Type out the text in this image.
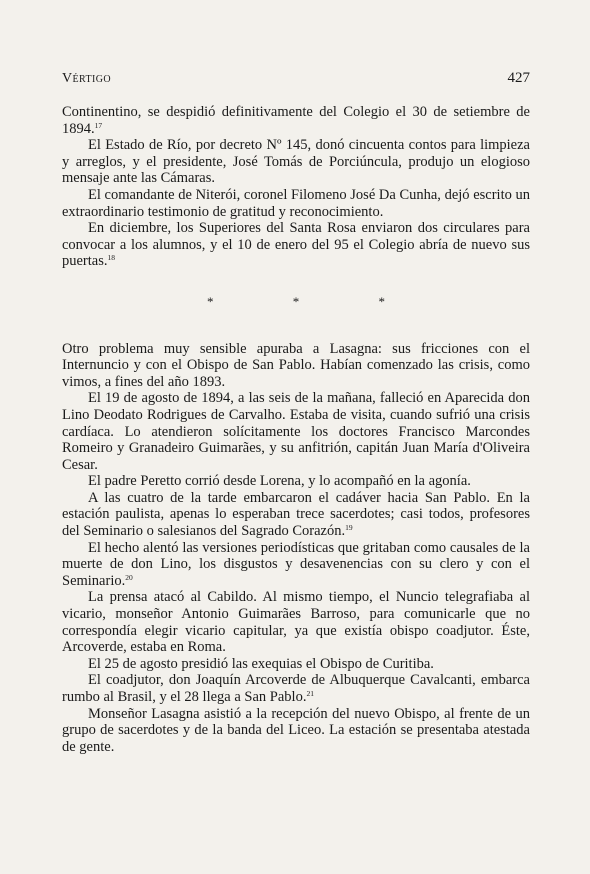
Vértigo	427

Continentino, se despidió definitivamente del Colegio el 30 de setiembre de 1894.17

El Estado de Río, por decreto Nº 145, donó cincuenta contos para limpieza y arreglos, y el presidente, José Tomás de Porciúncula, produjo un elogioso mensaje ante las Cámaras.

El comandante de Niterói, coronel Filomeno José Da Cunha, dejó escrito un extraordinario testimonio de gratitud y reconocimiento.

En diciembre, los Superiores del Santa Rosa enviaron dos circulares para convocar a los alumnos, y el 10 de enero del 95 el Colegio abría de nuevo sus puertas.$^{18}$

* * *

Otro problema muy sensible apuraba a Lasagna: sus fricciones con el Internuncio y con el Obispo de San Pablo. Habían comenzado las crisis, como vimos, a fines del año 1893.

El 19 de agosto de 1894, a las seis de la mañana, falleció en Aparecida don Lino Deodato Rodrigues de Carvalho. Estaba de visita, cuando sufrió una crisis cardíaca. Lo atendieron solícitamente los doctores Francisco Marcondes Romeiro y Granadeiro Guimarães, y su anfitrión, capitán Juan María d'Oliveira Cesar.

El padre Peretto corrió desde Lorena, y lo acompañó en la agonía.

A las cuatro de la tarde embarcaron el cadáver hacia San Pablo. En la estación paulista, apenas lo esperaban trece sacerdotes; casi todos, profesores del Seminario o salesianos del Sagrado Corazón.$^{19}$

El hecho alentó las versiones periodísticas que gritaban como causales de la muerte de don Lino, los disgustos y desavenencias con su clero y con el Seminario.$^{20}$

La prensa atacó al Cabildo. Al mismo tiempo, el Nuncio telegrafiaba al vicario, monseñor Antonio Guimarães Barroso, para comunicarle que no correspondía elegir vicario capitular, ya que existía obispo coadjutor. Éste, Arcoverde, estaba en Roma.

El 25 de agosto presidió las exequias el Obispo de Curitiba.

El coadjutor, don Joaquín Arcoverde de Albuquerque Cavalcanti, embarca rumbo al Brasil, y el 28 llega a San Pablo.$^{21}$

Monseñor Lasagna asistió a la recepción del nuevo Obispo, al frente de un grupo de sacerdotes y de la banda del Liceo. La estación se presentaba atestada de gente.
